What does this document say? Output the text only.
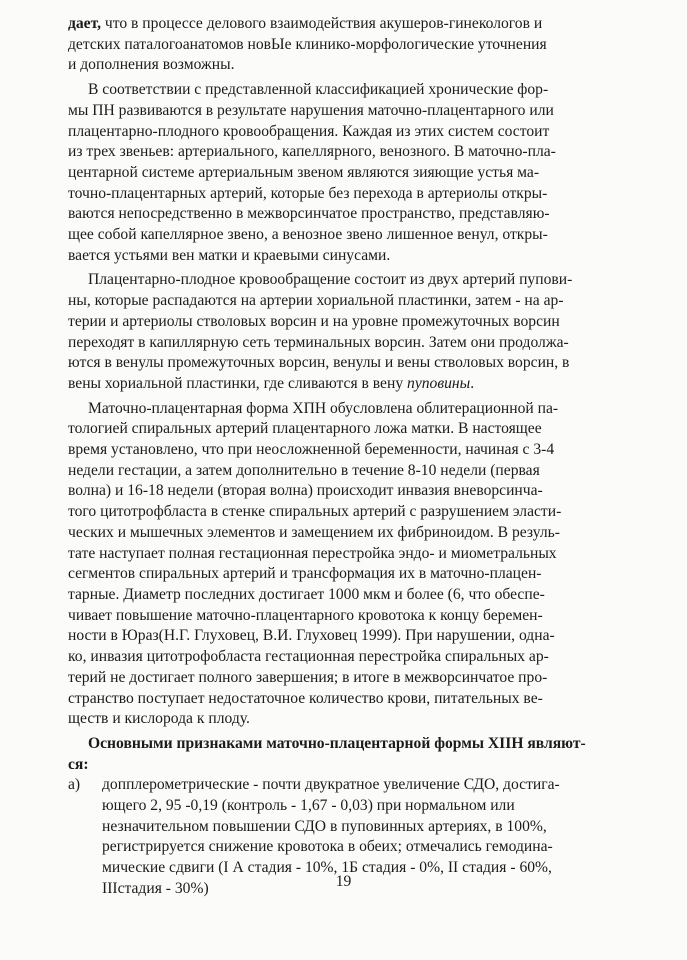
дает, что в процессе делового взаимодействия акушеров-гинекологов и
детских паталогоанатомов новЫе клинико-морфологические уточнения
и дополнения возможны.

В соответствии с представленной классификацией хронические фор-
мы ПН развиваются в результате нарушения маточно-плацентарного или
плацентарно-плодного кровообращения. Каждая из этих систем состоит
из трех звеньев: артериального, капеллярного, венозного. В маточно-пла-
центарной системе артериальным звеном являются зияющие устья ма-
точно-плацентарных артерий, которые без перехода в артериолы откры-
ваются непосредственно в межворсинчатое пространство, представляю-
щее собой капеллярное звено, а венозное звено лишенное венул, откры-
вается устьями вен матки и краевыми синусами.

Плацентарно-плодное кровообращение состоит из двух артерий пупови-
ны, которые распадаются на артерии хориальной пластинки, затем - на ар-
терии и артериолы стволовых ворсин и на уровне промежуточных ворсин
переходят в капиллярную сеть терминальных ворсин. Затем они продолжа-
ются в венулы промежуточных ворсин, венулы и вены стволовых ворсин, в
вены хориальной пластинки, где сливаются в вену пуповины.

Маточно-плацентарная форма ХПН обусловлена облитерационной па-
тологией спиральных артерий плацентарного ложа матки. В настоящее
время установлено, что при неосложненной беременности, начиная с 3-4
недели гестации, а затем дополнительно в течение 8-10 недели (первая
волна) и 16-18 недели (вторая волна) происходит инвазия вневорсинча-
того цитотрофбласта в стенке спиральных артерий с разрушением эласти-
ческих и мышечных элементов и замещением их фибриноидом. В резуль-
тате наступает полная гестационная перестройка эндо- и миометральных
сегментов спиральных артерий и трансформация их в маточно-плацен-
тарные. Диаметр последних достигает 1000 мкм и более (6, что обеспе-
чивает повышение маточно-плацентарного кровотока к концу беремен-
ности в Юраз(Н.Г. Глуховец, В.И. Глуховец 1999). При нарушении, одна-
ко, инвазия цитотрофобласта гестационная перестройка спиральных ар-
терий не достигает полного завершения; в итоге в межворсинчатое про-
странство поступает недостаточное количество крови, питательных ве-
ществ и кислорода к плоду.

Основными признаками маточно-плацентарной формы ХIIН являют-
ся:

а)	допплерометрические - почти двукратное увеличение СДО, достига-
ющего 2, 95 -0,19 (контроль - 1,67 - 0,03) при нормальном или
незначительном повышении СДО в пуповинных артериях, в 100%,
регистрируется снижение кровотока в обеих; отмечались гемодина-
мические сдвиги (I А стадия - 10%, 1Б стадия - 0%, II стадия - 60%,
IIIстадия - 30%)	19
